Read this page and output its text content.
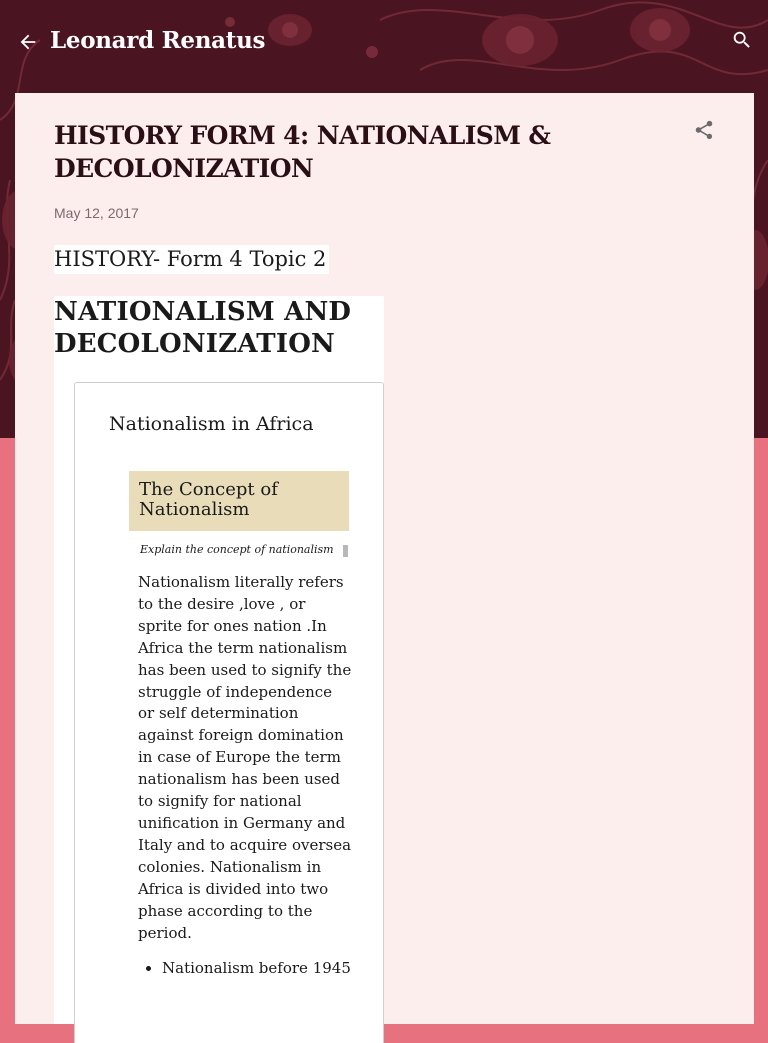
Leonard Renatus
HISTORY FORM 4: NATIONALISM & DECOLONIZATION
May 12, 2017
HISTORY- Form 4 Topic 2
NATIONALISM AND DECOLONIZATION
Nationalism in Africa
The Concept of Nationalism
Explain the concept of nationalism

Nationalism literally refers to the desire ,love , or sprite for ones nation .In Africa the term nationalism has been used to signify the struggle of independence or self determination against foreign domination in case of Europe the term nationalism has been used to signify for national unification in Germany and Italy and to acquire oversea colonies. Nationalism in Africa is divided into two phase according to the period.

• Nationalism before 1945
